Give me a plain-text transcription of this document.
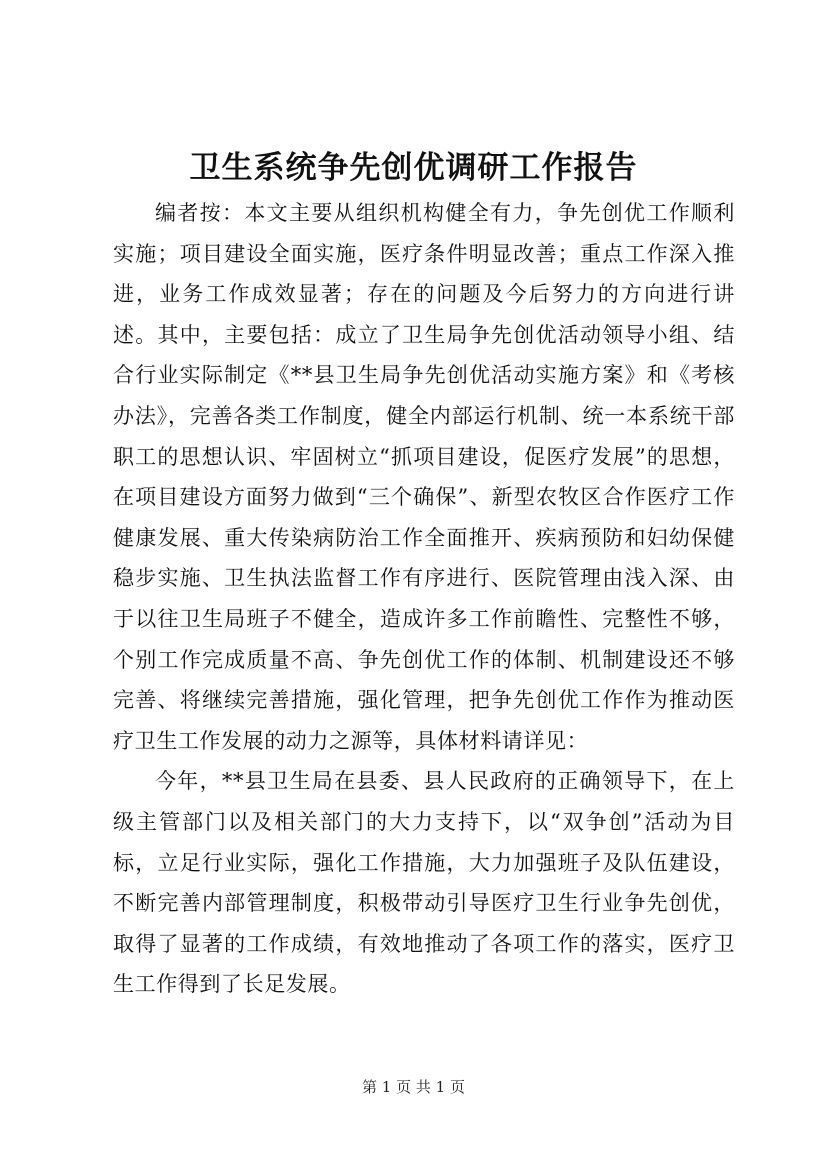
卫生系统争先创优调研工作报告

编者按：本文主要从组织机构健全有力，争先创优工作顺利实施；项目建设全面实施，医疗条件明显改善；重点工作深入推进，业务工作成效显著；存在的问题及今后努力的方向进行讲述。其中，主要包括：成立了卫生局争先创优活动领导小组、结合行业实际制定《**县卫生局争先创优活动实施方案》和《考核办法》，完善各类工作制度，健全内部运行机制、统一本系统干部职工的思想认识、牢固树立“抓项目建设，促医疗发展”的思想，在项目建设方面努力做到“三个确保”、新型农牧区合作医疗工作健康发展、重大传染病防治工作全面推开、疾病预防和妇幼保健稳步实施、卫生执法监督工作有序进行、医院管理由浅入深、由于以往卫生局班子不健全，造成许多工作前瞻性、完整性不够，个别工作完成质量不高、争先创优工作的体制、机制建设还不够完善、将继续完善措施，强化管理，把争先创优工作作为推动医疗卫生工作发展的动力之源等，具体材料请详见：

今年，**县卫生局在县委、县人民政府的正确领导下，在上级主管部门以及相关部门的大力支持下，以“双争创”活动为目标，立足行业实际，强化工作措施，大力加强班子及队伍建设，不断完善内部管理制度，积极带动引导医疗卫生行业争先创优，取得了显著的工作成绩，有效地推动了各项工作的落实，医疗卫生工作得到了长足发展。

第 1 页 共 1 页
